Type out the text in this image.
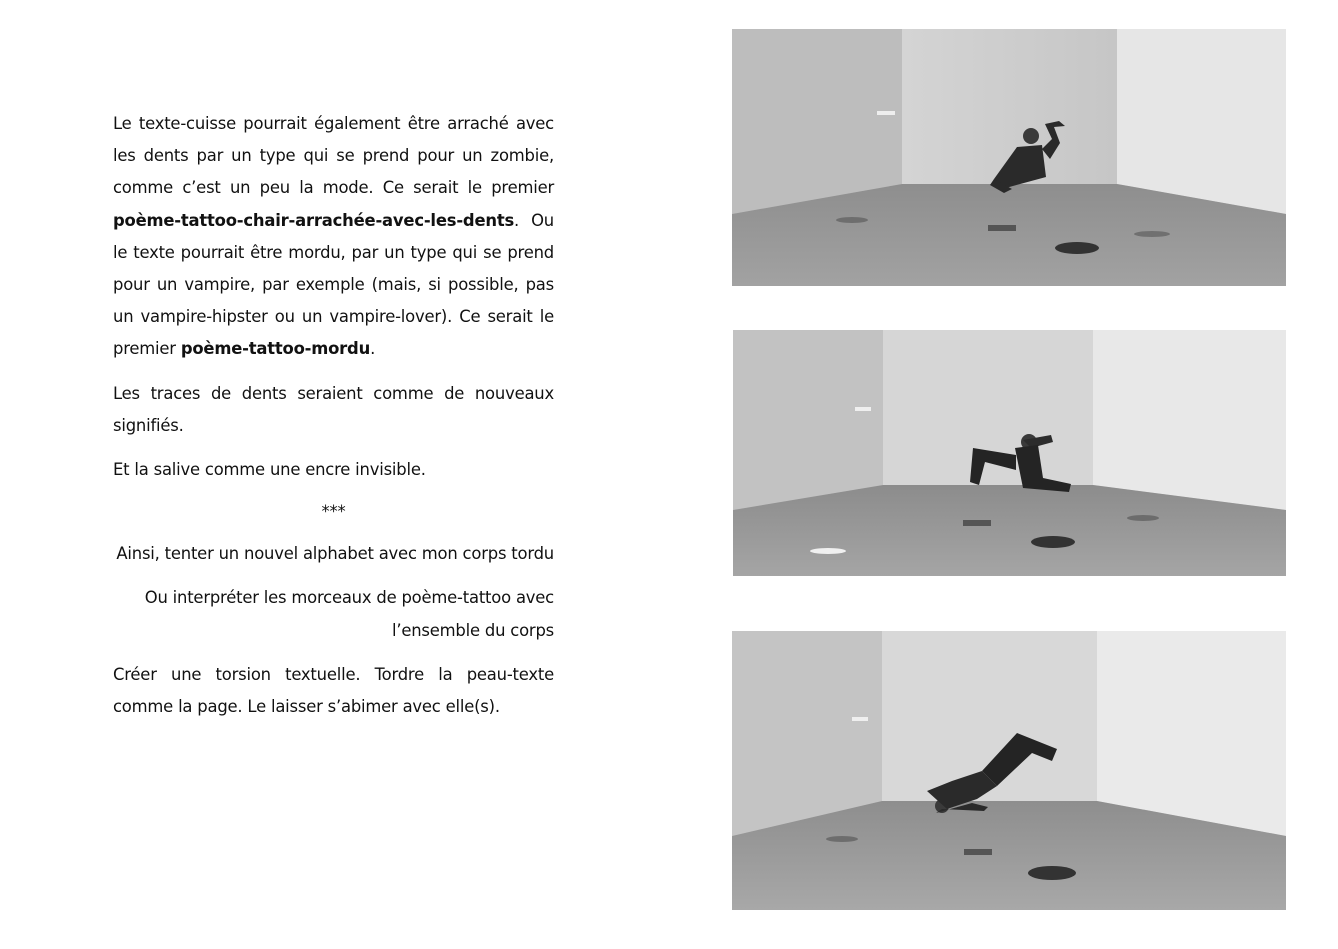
Le texte-cuisse pourrait également être arraché avec les dents par un type qui se prend pour un zombie, comme c’est un peu la mode. Ce serait le premier poème-tattoo-chair-arrachée-avec-les-dents. Ou le texte pourrait être mordu, par un type qui se prend pour un vampire, par exemple (mais, si possible, pas un vampire-hipster ou un vampire-lover). Ce serait le premier poème-tattoo-mordu.

Les traces de dents seraient comme de nouveaux signifiés.

Et la salive comme une encre invisible.

***

Ainsi, tenter un nouvel alphabet avec mon corps tordu

Ou interpréter les morceaux de poème-tattoo avec l’ensemble du corps

Créer une torsion textuelle. Tordre la peau-texte comme la page. Le laisser s’abimer avec elle(s).
